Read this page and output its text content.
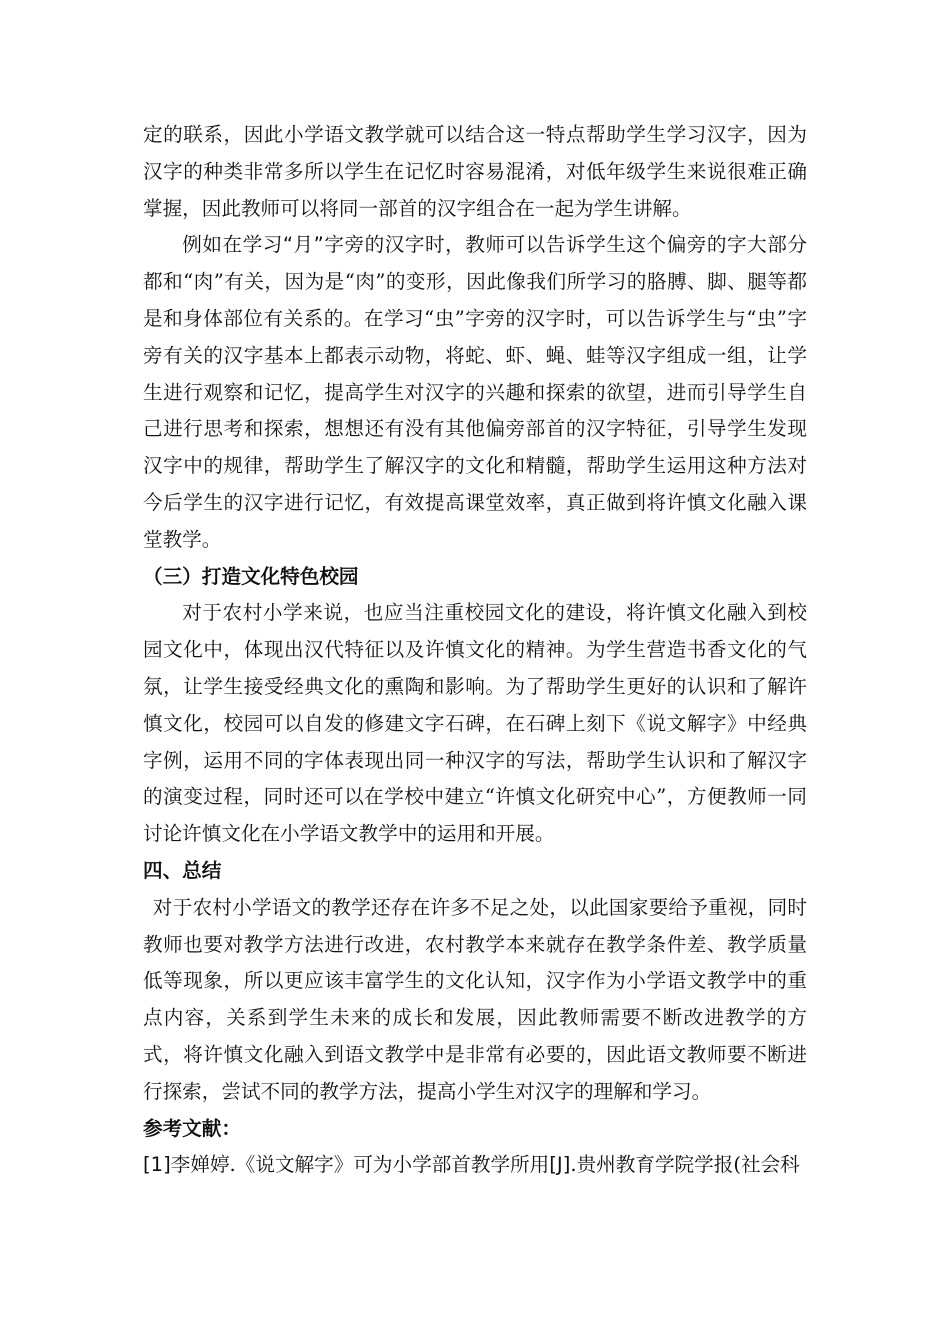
定的联系，因此小学语文教学就可以结合这一特点帮助学生学习汉字，因为汉字的种类非常多所以学生在记忆时容易混淆，对低年级学生来说很难正确掌握，因此教师可以将同一部首的汉字组合在一起为学生讲解。

例如在学习“月”字旁的汉字时，教师可以告诉学生这个偏旁的字大部分都和“肉”有关，因为是“肉”的变形，因此像我们所学习的胳膊、脚、腿等都是和身体部位有关系的。在学习“虫”字旁的汉字时，可以告诉学生与“虫”字旁有关的汉字基本上都表示动物，将蛇、虾、蝇、蛙等汉字组成一组，让学生进行观察和记忆，提高学生对汉字的兴趣和探索的欲望，进而引导学生自己进行思考和探索，想想还有没有其他偏旁部首的汉字特征，引导学生发现汉字中的规律，帮助学生了解汉字的文化和精髓，帮助学生运用这种方法对今后学生的汉字进行记忆，有效提高课堂效率，真正做到将许慎文化融入课堂教学。

（三）打造文化特色校园

对于农村小学来说，也应当注重校园文化的建设，将许慎文化融入到校园文化中，体现出汉代特征以及许慎文化的精神。为学生营造书香文化的气氛，让学生接受经典文化的熏陶和影响。为了帮助学生更好的认识和了解许慎文化，校园可以自发的修建文字石碑，在石碑上刻下《说文解字》中经典字例，运用不同的字体表现出同一种汉字的写法，帮助学生认识和了解汉字的演变过程，同时还可以在学校中建立“许慎文化研究中心”，方便教师一同讨论许慎文化在小学语文教学中的运用和开展。

四、总结

对于农村小学语文的教学还存在许多不足之处，以此国家要给予重视，同时教师也要对教学方法进行改进，农村教学本来就存在教学条件差、教学质量低等现象，所以更应该丰富学生的文化认知，汉字作为小学语文教学中的重点内容，关系到学生未来的成长和发展，因此教师需要不断改进教学的方式，将许慎文化融入到语文教学中是非常有必要的，因此语文教师要不断进行探索，尝试不同的教学方法，提高小学生对汉字的理解和学习。

参考文献：

[1]李婵婷.《说文解字》可为小学部首教学所用[J].贵州教育学院学报(社会科
